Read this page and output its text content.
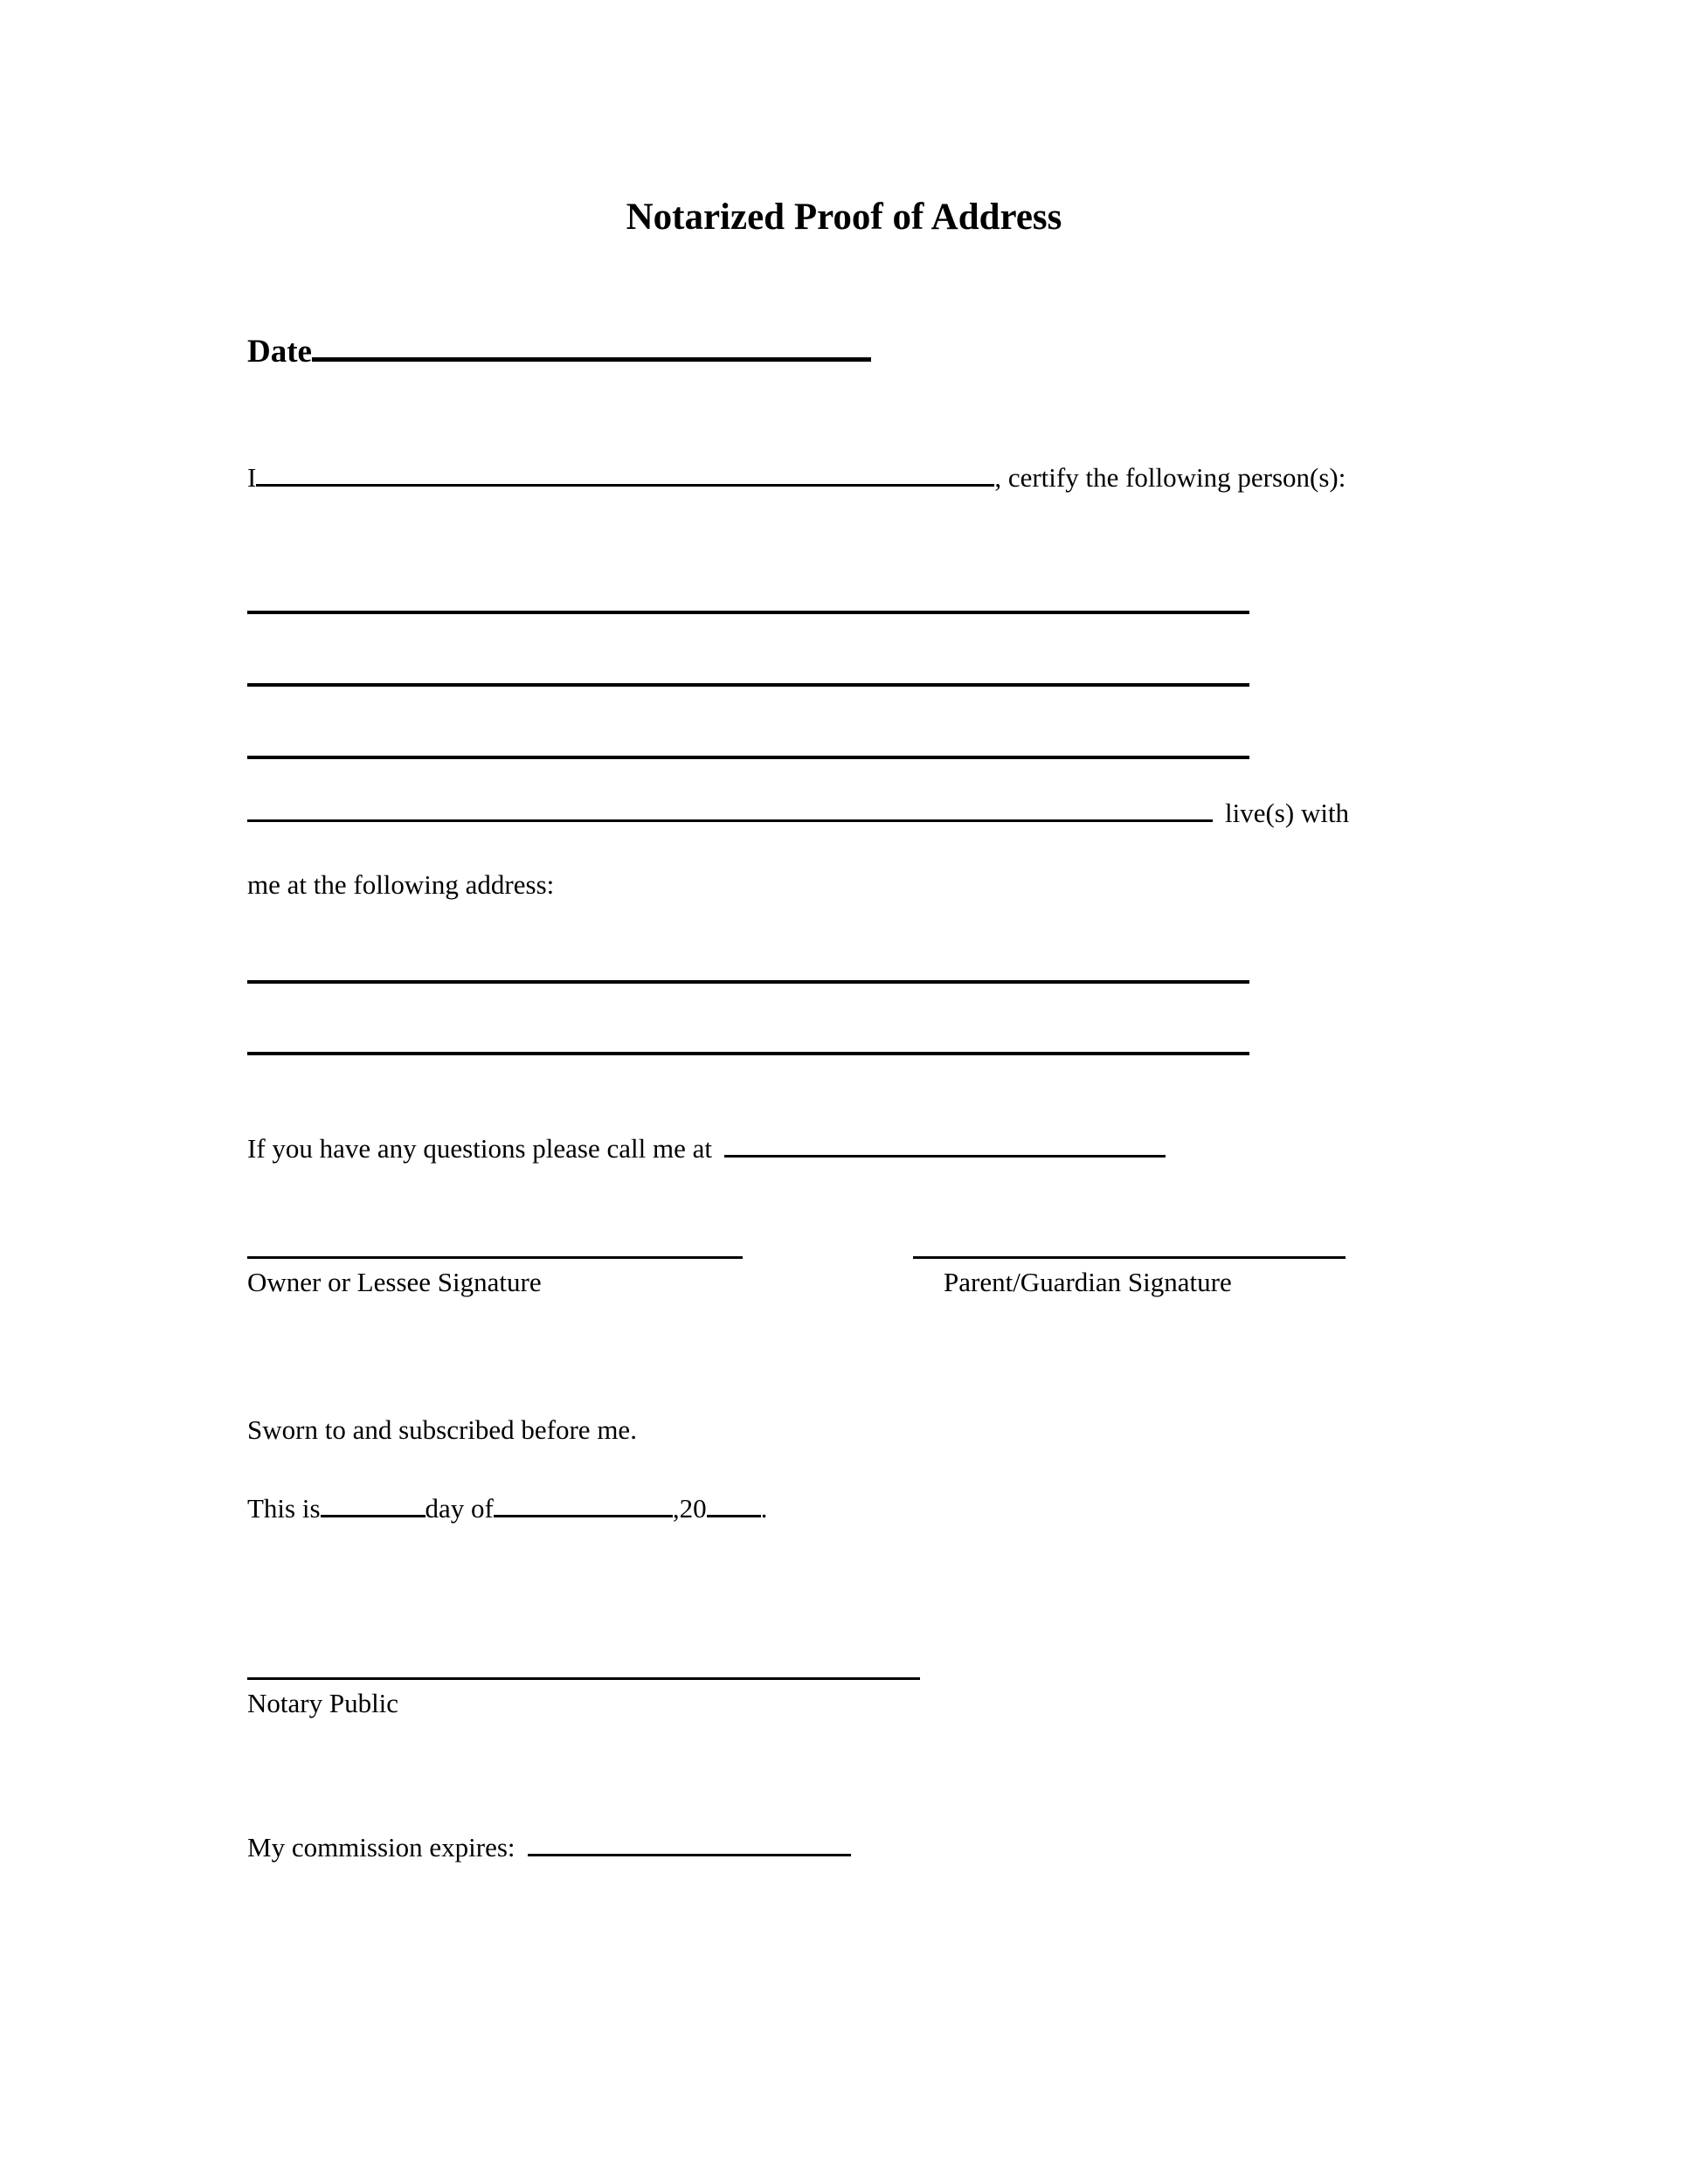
Notarized Proof of Address
Date
I	, certify the following person(s):
live(s) with
me at the following address:
If you have any questions please call me at
Owner or Lessee Signature	Parent/Guardian Signature
Sworn to and subscribed before me.
This is	day of	,20 .
Notary Public
My commission expires:
